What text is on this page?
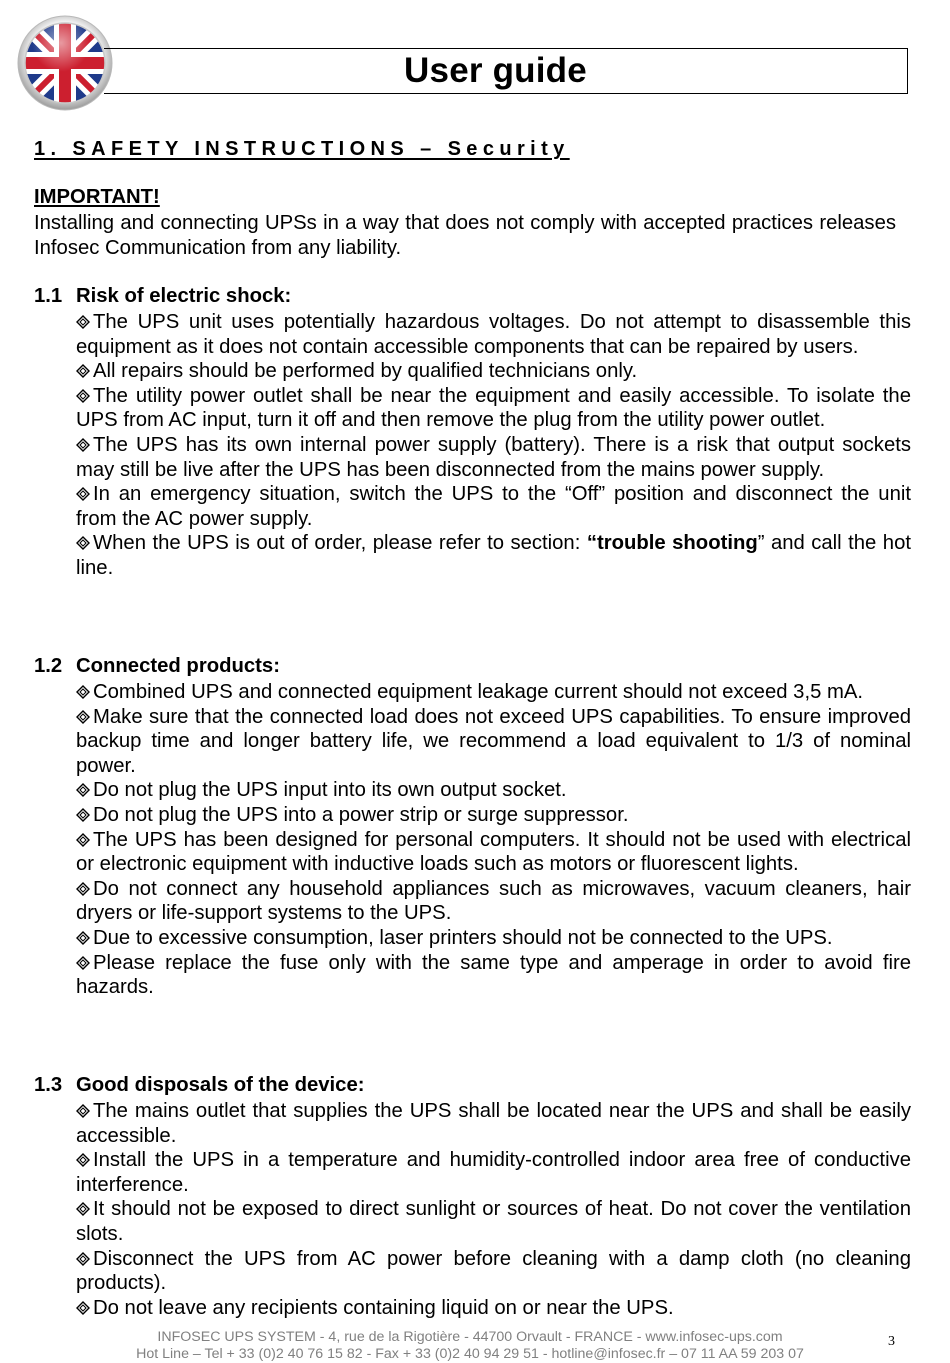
User guide
1. SAFETY INSTRUCTIONS – Security
IMPORTANT!
Installing and connecting UPSs in a way that does not comply with accepted practices releases Infosec Communication from any liability.
1.1 Risk of electric shock:

The UPS unit uses potentially hazardous voltages. Do not attempt to disassemble this equipment as it does not contain accessible components that can be repaired by users.

All repairs should be performed by qualified technicians only.

The utility power outlet shall be near the equipment and easily accessible. To isolate the UPS from AC input, turn it off and then remove the plug from the utility power outlet.

The UPS has its own internal power supply (battery). There is a risk that output sockets may still be live after the UPS has been disconnected from the mains power supply.

In an emergency situation, switch the UPS to the “Off” position and disconnect the unit from the AC power supply.

When the UPS is out of order, please refer to section: “trouble shooting” and call the hot line.

1.2 Connected products:

Combined UPS and connected equipment leakage current should not exceed 3,5 mA.

Make sure that the connected load does not exceed UPS capabilities. To ensure improved backup time and longer battery life, we recommend a load equivalent to 1/3 of nominal power.

Do not plug the UPS input into its own output socket.

Do not plug the UPS into a power strip or surge suppressor.

The UPS has been designed for personal computers. It should not be used with electrical or electronic equipment with inductive loads such as motors or fluorescent lights.

Do not connect any household appliances such as microwaves, vacuum cleaners, hair dryers or life-support systems to the UPS.

Due to excessive consumption, laser printers should not be connected to the UPS.

Please replace the fuse only with the same type and amperage in order to avoid fire hazards.

1.3 Good disposals of the device:

The mains outlet that supplies the UPS shall be located near the UPS and shall be easily accessible.

Install the UPS in a temperature and humidity-controlled indoor area free of conductive interference.

It should not be exposed to direct sunlight or sources of heat. Do not cover the ventilation slots.

Disconnect the UPS from AC power before cleaning with a damp cloth (no cleaning products).

Do not leave any recipients containing liquid on or near the UPS.

INFOSEC UPS SYSTEM - 4, rue de la Rigotière - 44700 Orvault - FRANCE - www.infosec-ups.com
Hot Line – Tel + 33 (0)2 40 76 15 82 - Fax + 33 (0)2 40 94 29 51 - hotline@infosec.fr – 07 11 AA 59 203 07
3
